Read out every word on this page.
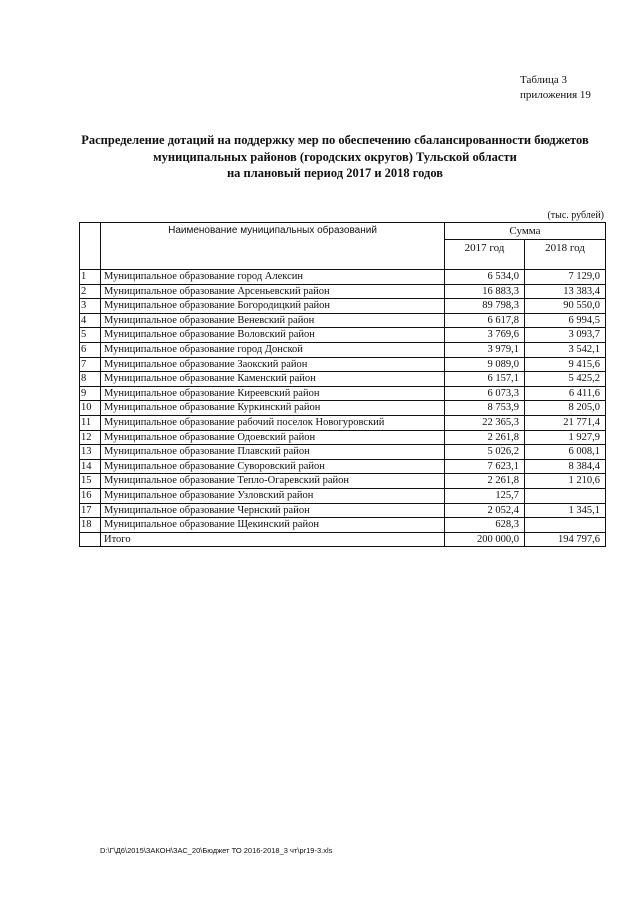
Таблица 3
приложения 19
Распределение дотаций на поддержку мер по обеспечению сбалансированности бюджетов
муниципальных районов (городских округов) Тульской области
на плановый период 2017 и 2018 годов
(тыс. рублей)
	Наименование муниципальных образований	Сумма	
		2017 год	2018 год
1	Муниципальное образование город Алексин	6 534,0	7 129,0
2	Муниципальное образование Арсеньевский район	16 883,3	13 383,4
3	Муниципальное образование Богородицкий район	89 798,3	90 550,0
4	Муниципальное образование Веневский район	6 617,8	6 994,5
5	Муниципальное образование Воловский район	3 769,6	3 093,7
6	Муниципальное образование город Донской	3 979,1	3 542,1
7	Муниципальное образование Заокский район	9 089,0	9 415,6
8	Муниципальное образование Каменский район	6 157,1	5 425,2
9	Муниципальное образование Киреевский район	6 073,3	6 411,6
10	Муниципальное образование Куркинский район	8 753,9	8 205,0
11	Муниципальное образование рабочий поселок Новогуровский	22 365,3	21 771,4
12	Муниципальное образование Одоевский район	2 261,8	1 927,9
13	Муниципальное образование Плавский район	5 026,2	6 008,1
14	Муниципальное образование Суворовский район	7 623,1	8 384,4
15	Муниципальное образование Тепло-Огаревский район	2 261,8	1 210,6
16	Муниципальное образование Узловский район	125,7	
17	Муниципальное образование Чернский район	2 052,4	1 345,1
18	Муниципальное образование Щекинский район	628,3	
	Итого	200 000,0	194 797,6
D:\Г\Д6\2015\ЗАКОН\ЗАС_20\Бюджет ТО 2016-2018_3 чт\pr19-3.xls
